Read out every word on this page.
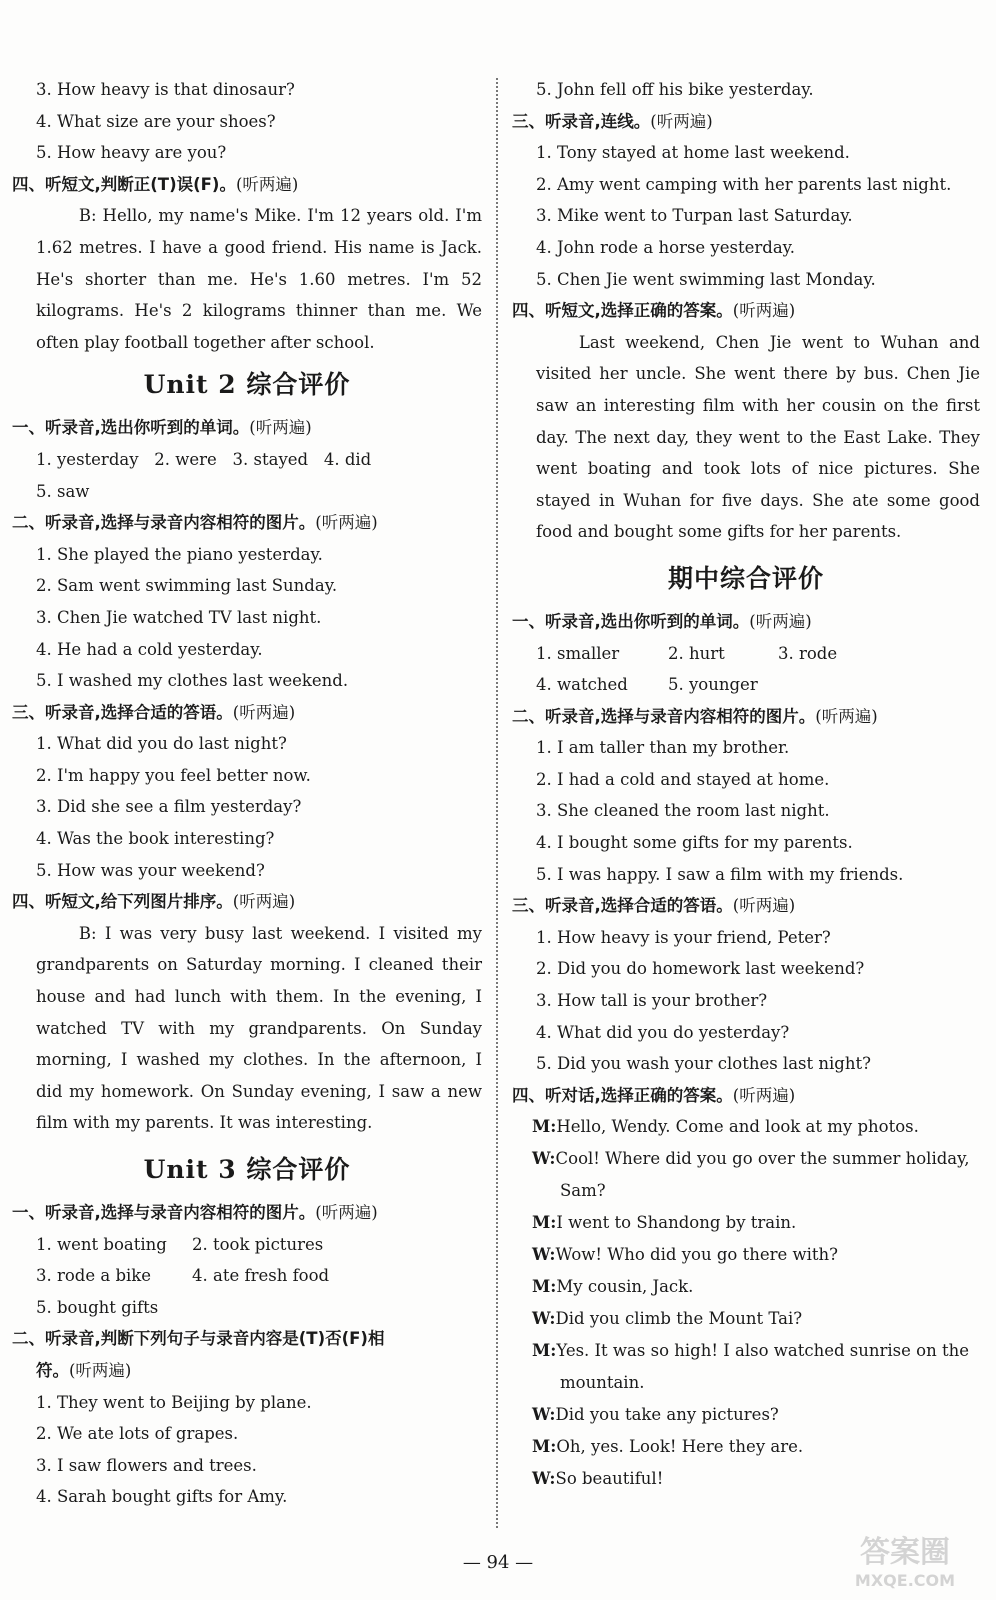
3. How heavy is that dinosaur?
4. What size are your shoes?
5. How heavy are you?
四、听短文,判断正(T)误(F)。(听两遍)
B: Hello, my name's Mike. I'm 12 years old. I'm 1.62 metres. I have a good friend. His name is Jack. He's shorter than me. He's 1.60 metres. I'm 52 kilograms. He's 2 kilograms thinner than me. We often play football together after school.
Unit 2 综合评价
一、听录音,选出你听到的单词。(听两遍)
1. yesterday   2. were   3. stayed   4. did
5. saw
二、听录音,选择与录音内容相符的图片。(听两遍)
1. She played the piano yesterday.
2. Sam went swimming last Sunday.
3. Chen Jie watched TV last night.
4. He had a cold yesterday.
5. I washed my clothes last weekend.
三、听录音,选择合适的答语。(听两遍)
1. What did you do last night?
2. I'm happy you feel better now.
3. Did she see a film yesterday?
4. Was the book interesting?
5. How was your weekend?
四、听短文,给下列图片排序。(听两遍)
B: I was very busy last weekend. I visited my grandparents on Saturday morning. I cleaned their house and had lunch with them. In the evening, I watched TV with my grandparents. On Sunday morning, I washed my clothes. In the afternoon, I did my homework. On Sunday evening, I saw a new film with my parents. It was interesting.
Unit 3 综合评价
一、听录音,选择与录音内容相符的图片。(听两遍)
1. went boating	2. took pictures
3. rode a bike	4. ate fresh food
5. bought gifts
二、听录音,判断下列句子与录音内容是(T)否(F)相
符。(听两遍)
1. They went to Beijing by plane.
2. We ate lots of grapes.
3. I saw flowers and trees.
4. Sarah bought gifts for Amy.
5. John fell off his bike yesterday.
三、听录音,连线。(听两遍)
1. Tony stayed at home last weekend.
2. Amy went camping with her parents last night.
3. Mike went to Turpan last Saturday.
4. John rode a horse yesterday.
5. Chen Jie went swimming last Monday.
四、听短文,选择正确的答案。(听两遍)
Last weekend, Chen Jie went to Wuhan and visited her uncle. She went there by bus. Chen Jie saw an interesting film with her cousin on the first day. The next day, they went to the East Lake. They went boating and took lots of nice pictures. She stayed in Wuhan for five days. She ate some good food and bought some gifts for her parents.
期中综合评价
一、听录音,选出你听到的单词。(听两遍)
1. smaller	2. hurt	3. rode
4. watched	5. younger
二、听录音,选择与录音内容相符的图片。(听两遍)
1. I am taller than my brother.
2. I had a cold and stayed at home.
3. She cleaned the room last night.
4. I bought some gifts for my parents.
5. I was happy. I saw a film with my friends.
三、听录音,选择合适的答语。(听两遍)
1. How heavy is your friend, Peter?
2. Did you do homework last weekend?
3. How tall is your brother?
4. What did you do yesterday?
5. Did you wash your clothes last night?
四、听对话,选择正确的答案。(听两遍)
M:Hello, Wendy. Come and look at my photos.
W:Cool! Where did you go over the summer holiday,
Sam?
M:I went to Shandong by train.
W:Wow! Who did you go there with?
M:My cousin, Jack.
W:Did you climb the Mount Tai?
M:Yes. It was so high! I also watched sunrise on the
mountain.
W:Did you take any pictures?
M:Oh, yes. Look! Here they are.
W:So beautiful!
— 94 —	答案圈
MXQE.COM
